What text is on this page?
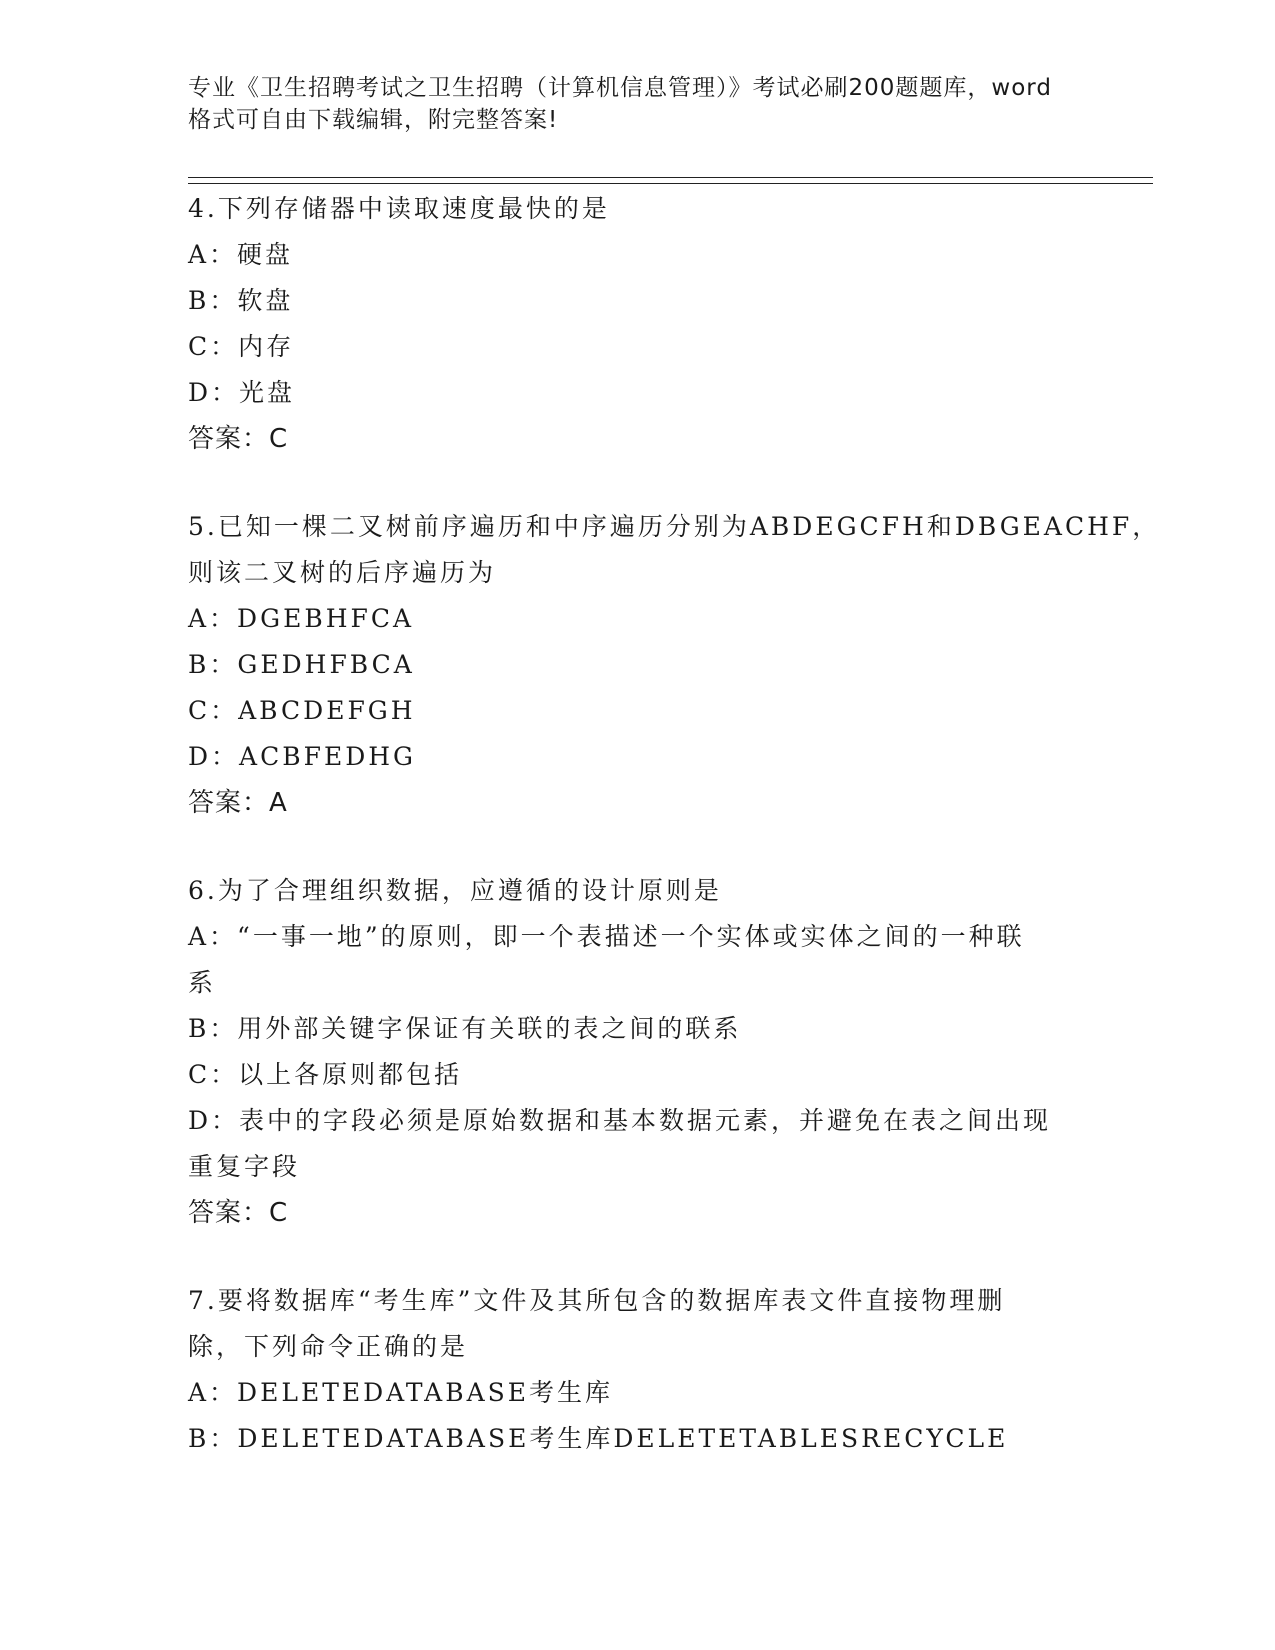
专业《卫生招聘考试之卫生招聘（计算机信息管理）》考试必刷200题题库，word
格式可自由下载编辑，附完整答案!
4.下列存储器中读取速度最快的是
A：硬盘
B：软盘
C：内存
D：光盘
答案：C
5.已知一棵二叉树前序遍历和中序遍历分别为ABDEGCFH和DBGEACHF，
则该二叉树的后序遍历为
A：DGEBHFCA
B：GEDHFBCA
C：ABCDEFGH
D：ACBFEDHG
答案：A
6.为了合理组织数据，应遵循的设计原则是
A：“一事一地”的原则，即一个表描述一个实体或实体之间的一种联
系
B：用外部关键字保证有关联的表之间的联系
C：以上各原则都包括
D：表中的字段必须是原始数据和基本数据元素，并避免在表之间出现
重复字段
答案：C
7.要将数据库“考生库”文件及其所包含的数据库表文件直接物理删
除，下列命令正确的是
A：DELETEDATABASE考生库
B：DELETEDATABASE考生库DELETETABLESRECYCLE
